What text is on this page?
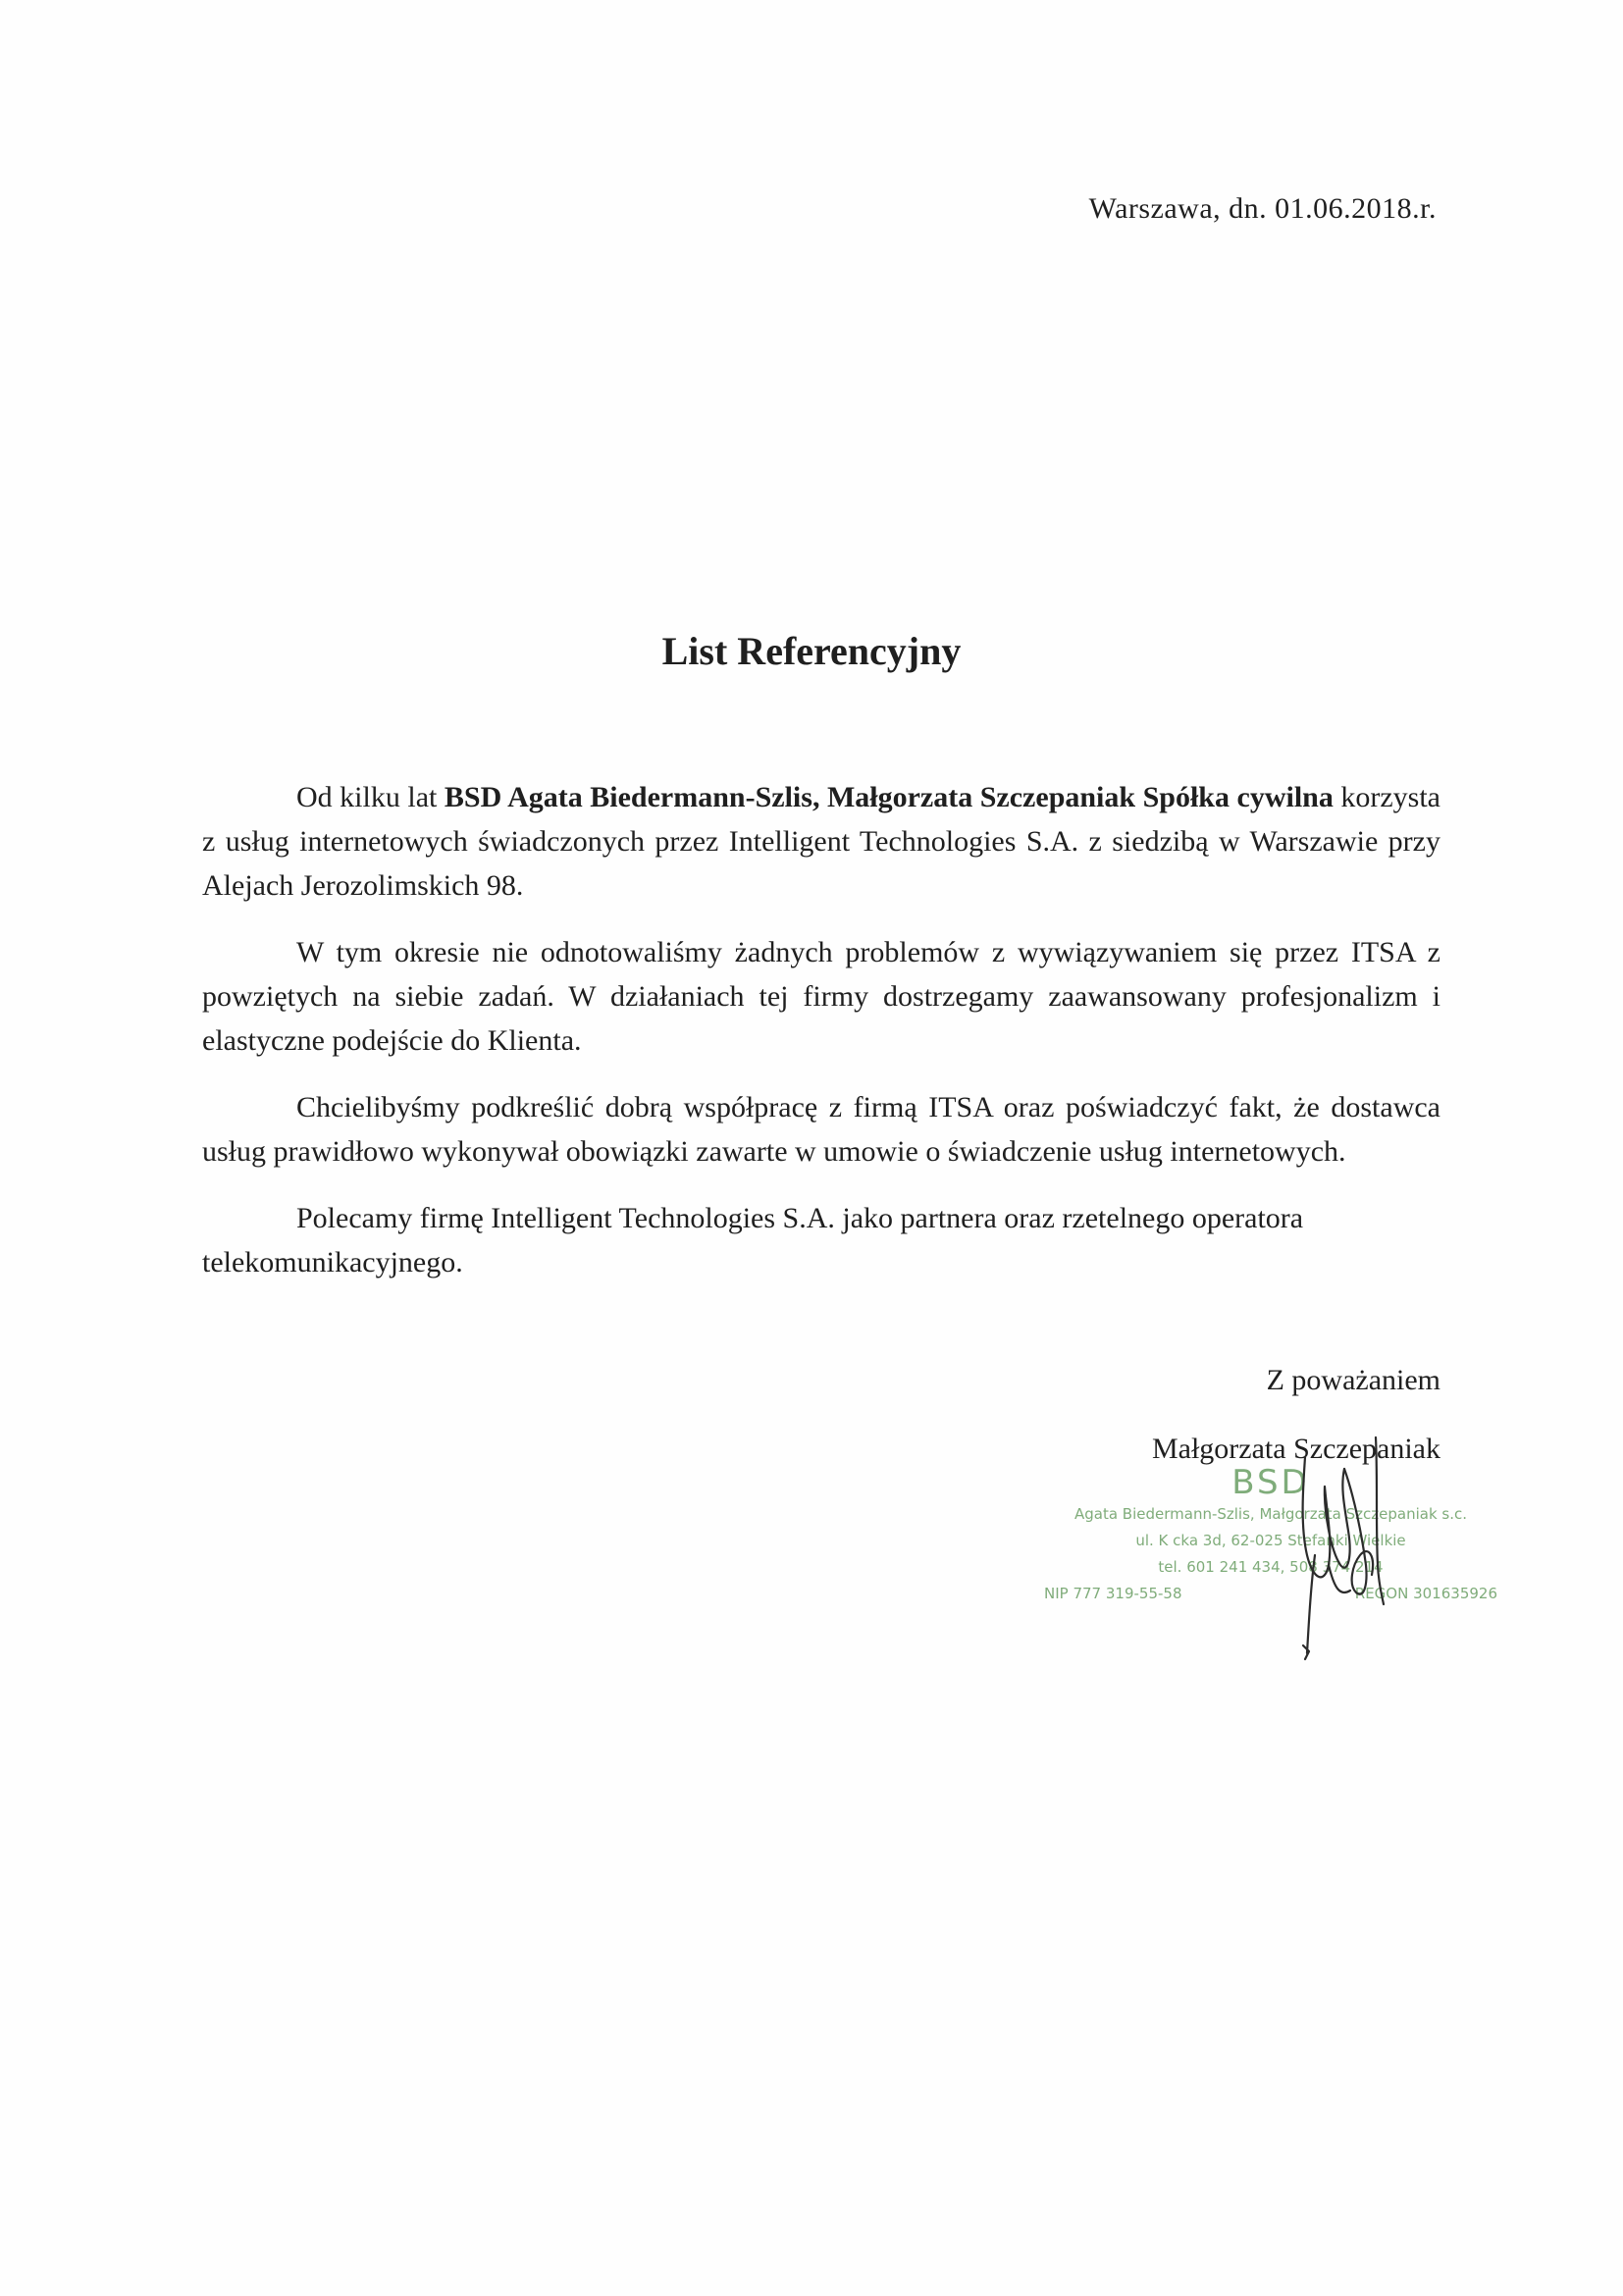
Warszawa, dn. 01.06.2018.r.
List Referencyjny

Od kilku lat BSD Agata Biedermann-Szlis, Małgorzata Szczepaniak Spółka cywilna korzysta z usług internetowych świadczonych przez Intelligent Technologies S.A. z siedzibą w Warszawie przy Alejach Jerozolimskich 98.

W tym okresie nie odnotowaliśmy żadnych problemów z wywiązywaniem się przez ITSA z powziętych na siebie zadań. W działaniach tej firmy dostrzegamy zaawansowany profesjonalizm i elastyczne podejście do Klienta.

Chcielibyśmy podkreślić dobrą współpracę z firmą ITSA oraz poświadczyć fakt, że dostawca usług prawidłowo wykonywał obowiązki zawarte w umowie o świadczenie usług internetowych.

Polecamy firmę Intelligent Technologies S.A. jako partnera oraz rzetelnego operatora telekomunikacyjnego.

Z poważaniem
Małgorzata Szczepaniak
BSD
Agata Biedermann-Szlis, Małgorzata Szczepaniak s.c.
ul. K cka 3d, 62-025 Stefanki Wielkie
tel. 601 241 434, 508 374 214
NIP 777 319-55-58	REGON 301635926
